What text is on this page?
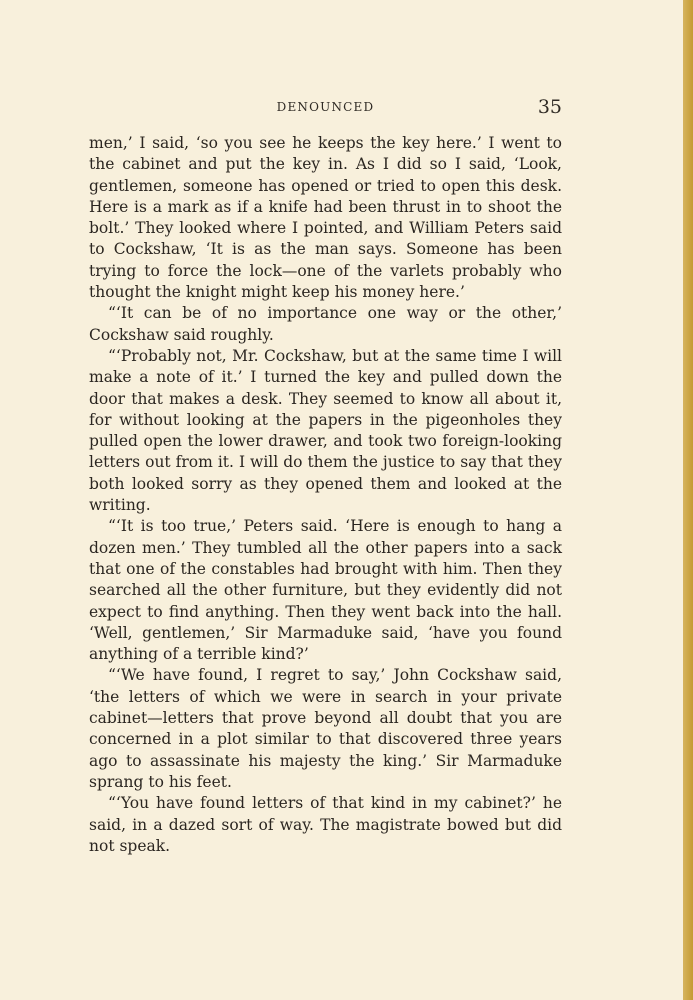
DENOUNCED	35

men,’ I said, ‘so you see he keeps the key here.’ I went to the cabinet and put the key in. As I did so I said, ‘Look, gentlemen, someone has opened or tried to open this desk. Here is a mark as if a knife had been thrust in to shoot the bolt.’ They looked where I pointed, and William Peters said to Cockshaw, ‘It is as the man says. Someone has been trying to force the lock—one of the varlets probably who thought the knight might keep his money here.’

“‘It can be of no importance one way or the other,’ Cockshaw said roughly.

“‘Probably not, Mr. Cockshaw, but at the same time I will make a note of it.’ I turned the key and pulled down the door that makes a desk. They seemed to know all about it, for without looking at the papers in the pigeonholes they pulled open the lower drawer, and took two foreign-looking letters out from it. I will do them the justice to say that they both looked sorry as they opened them and looked at the writing.

“‘It is too true,’ Peters said. ‘Here is enough to hang a dozen men.’ They tumbled all the other papers into a sack that one of the constables had brought with him. Then they searched all the other furniture, but they evidently did not expect to find anything. Then they went back into the hall. ‘Well, gentlemen,’ Sir Marmaduke said, ‘have you found anything of a terrible kind?’

“‘We have found, I regret to say,’ John Cockshaw said, ‘the letters of which we were in search in your private cabinet—letters that prove beyond all doubt that you are concerned in a plot similar to that discovered three years ago to assassinate his majesty the king.’ Sir Marmaduke sprang to his feet.

“‘You have found letters of that kind in my cabinet?’ he said, in a dazed sort of way. The magistrate bowed but did not speak.
